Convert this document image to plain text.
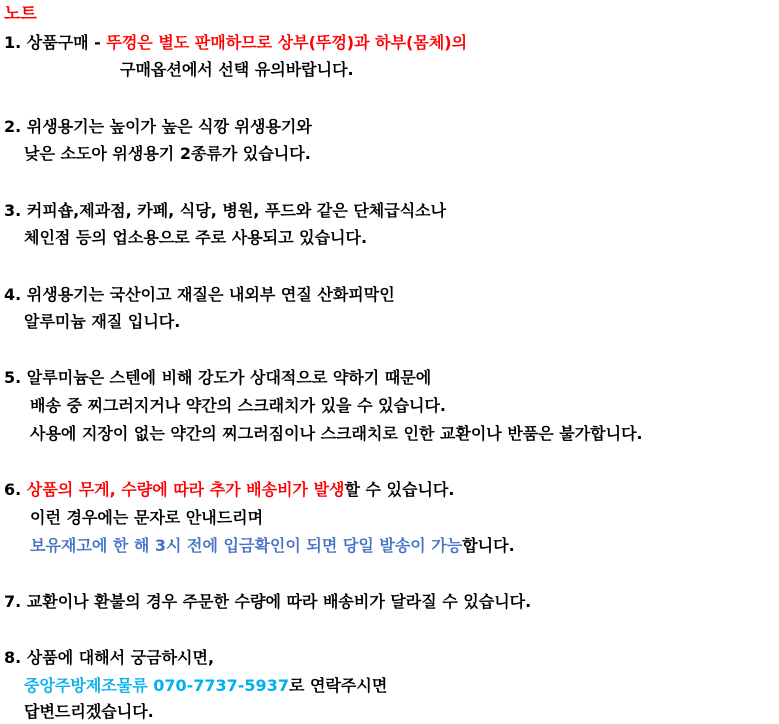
노트
1. 상품구매 - 뚜껑은 별도 판매하므로 상부(뚜껑)과 하부(몸체)의
구매옵션에서 선택 유의바랍니다.
2. 위생용기는 높이가 높은 식깡 위생용기와
낮은 소도아 위생용기 2종류가 있습니다.
3. 커피숍,제과점, 카페, 식당, 병원, 푸드와 같은 단체급식소나
체인점 등의 업소용으로 주로 사용되고 있습니다.
4. 위생용기는 국산이고 재질은 내외부 연질 산화피막인
알루미늄 재질 입니다.
5. 알루미늄은 스텐에 비해 강도가 상대적으로 약하기 때문에
배송 중 찌그러지거나 약간의 스크래치가 있을 수 있습니다.
사용에 지장이 없는 약간의 찌그러짐이나 스크래치로 인한 교환이나 반품은 불가합니다.
6. 상품의 무게, 수량에 따라 추가 배송비가 발생할 수 있습니다.
이런 경우에는 문자로 안내드리며
보유재고에 한 해 3시 전에 입금확인이 되면 당일 발송이 가능합니다.
7. 교환이나 환불의 경우 주문한 수량에 따라 배송비가 달라질 수 있습니다.
8. 상품에 대해서 궁금하시면,
중앙주방제조물류 070-7737-5937로 연락주시면
답변드리겠습니다.
